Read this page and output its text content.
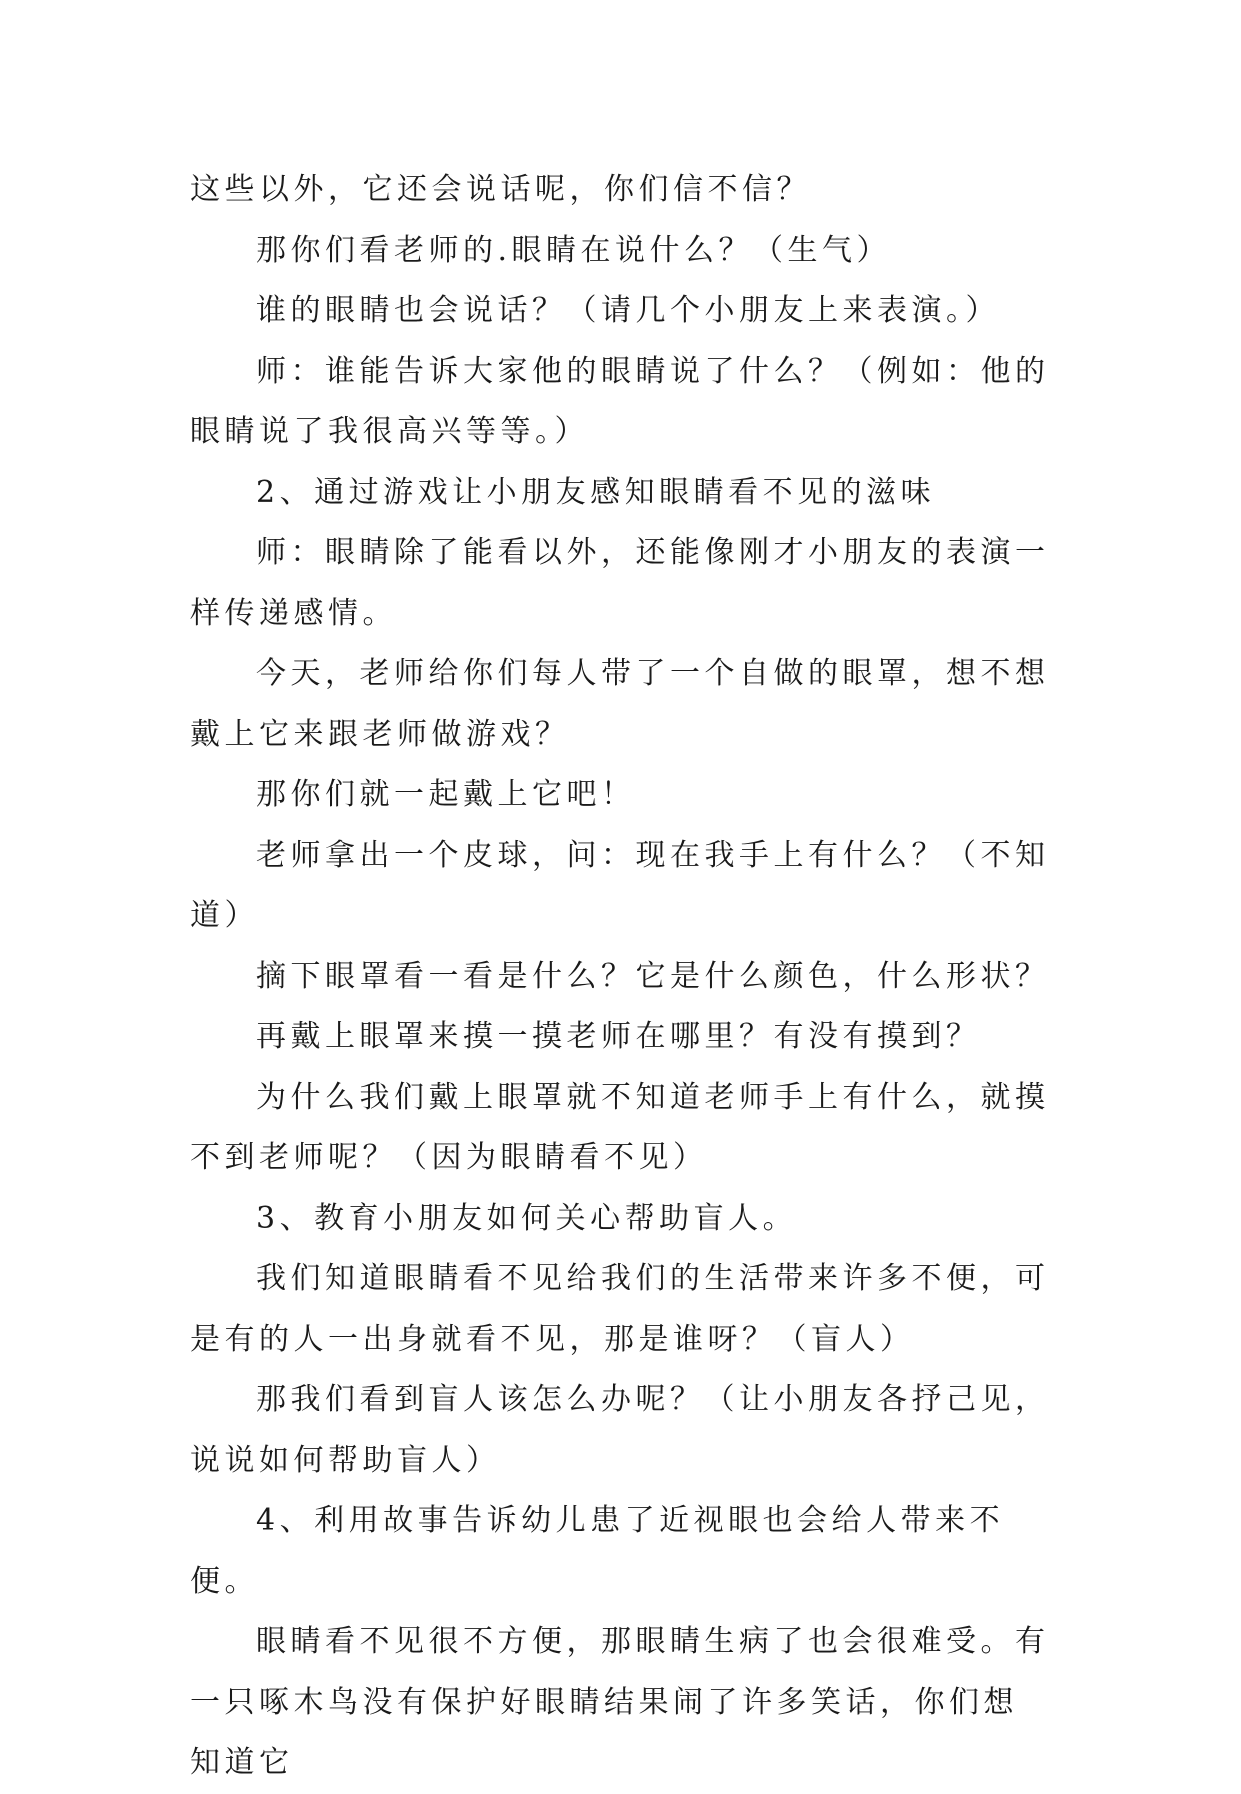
这些以外，它还会说话呢，你们信不信？

那你们看老师的.眼睛在说什么？（生气）

谁的眼睛也会说话？（请几个小朋友上来表演。）

师：谁能告诉大家他的眼睛说了什么？（例如：他的眼睛说了我很高兴等等。）

2、通过游戏让小朋友感知眼睛看不见的滋味

师：眼睛除了能看以外，还能像刚才小朋友的表演一样传递感情。

今天，老师给你们每人带了一个自做的眼罩，想不想戴上它来跟老师做游戏？

那你们就一起戴上它吧！

老师拿出一个皮球，问：现在我手上有什么？（不知道）

摘下眼罩看一看是什么？它是什么颜色，什么形状？

再戴上眼罩来摸一摸老师在哪里？有没有摸到？

为什么我们戴上眼罩就不知道老师手上有什么，就摸不到老师呢？（因为眼睛看不见）

3、教育小朋友如何关心帮助盲人。

我们知道眼睛看不见给我们的生活带来许多不便，可是有的人一出身就看不见，那是谁呀？（盲人）

那我们看到盲人该怎么办呢？（让小朋友各抒己见，说说如何帮助盲人）

4、利用故事告诉幼儿患了近视眼也会给人带来不便。

眼睛看不见很不方便，那眼睛生病了也会很难受。有一只啄木鸟没有保护好眼睛结果闹了许多笑话，你们想知道它
